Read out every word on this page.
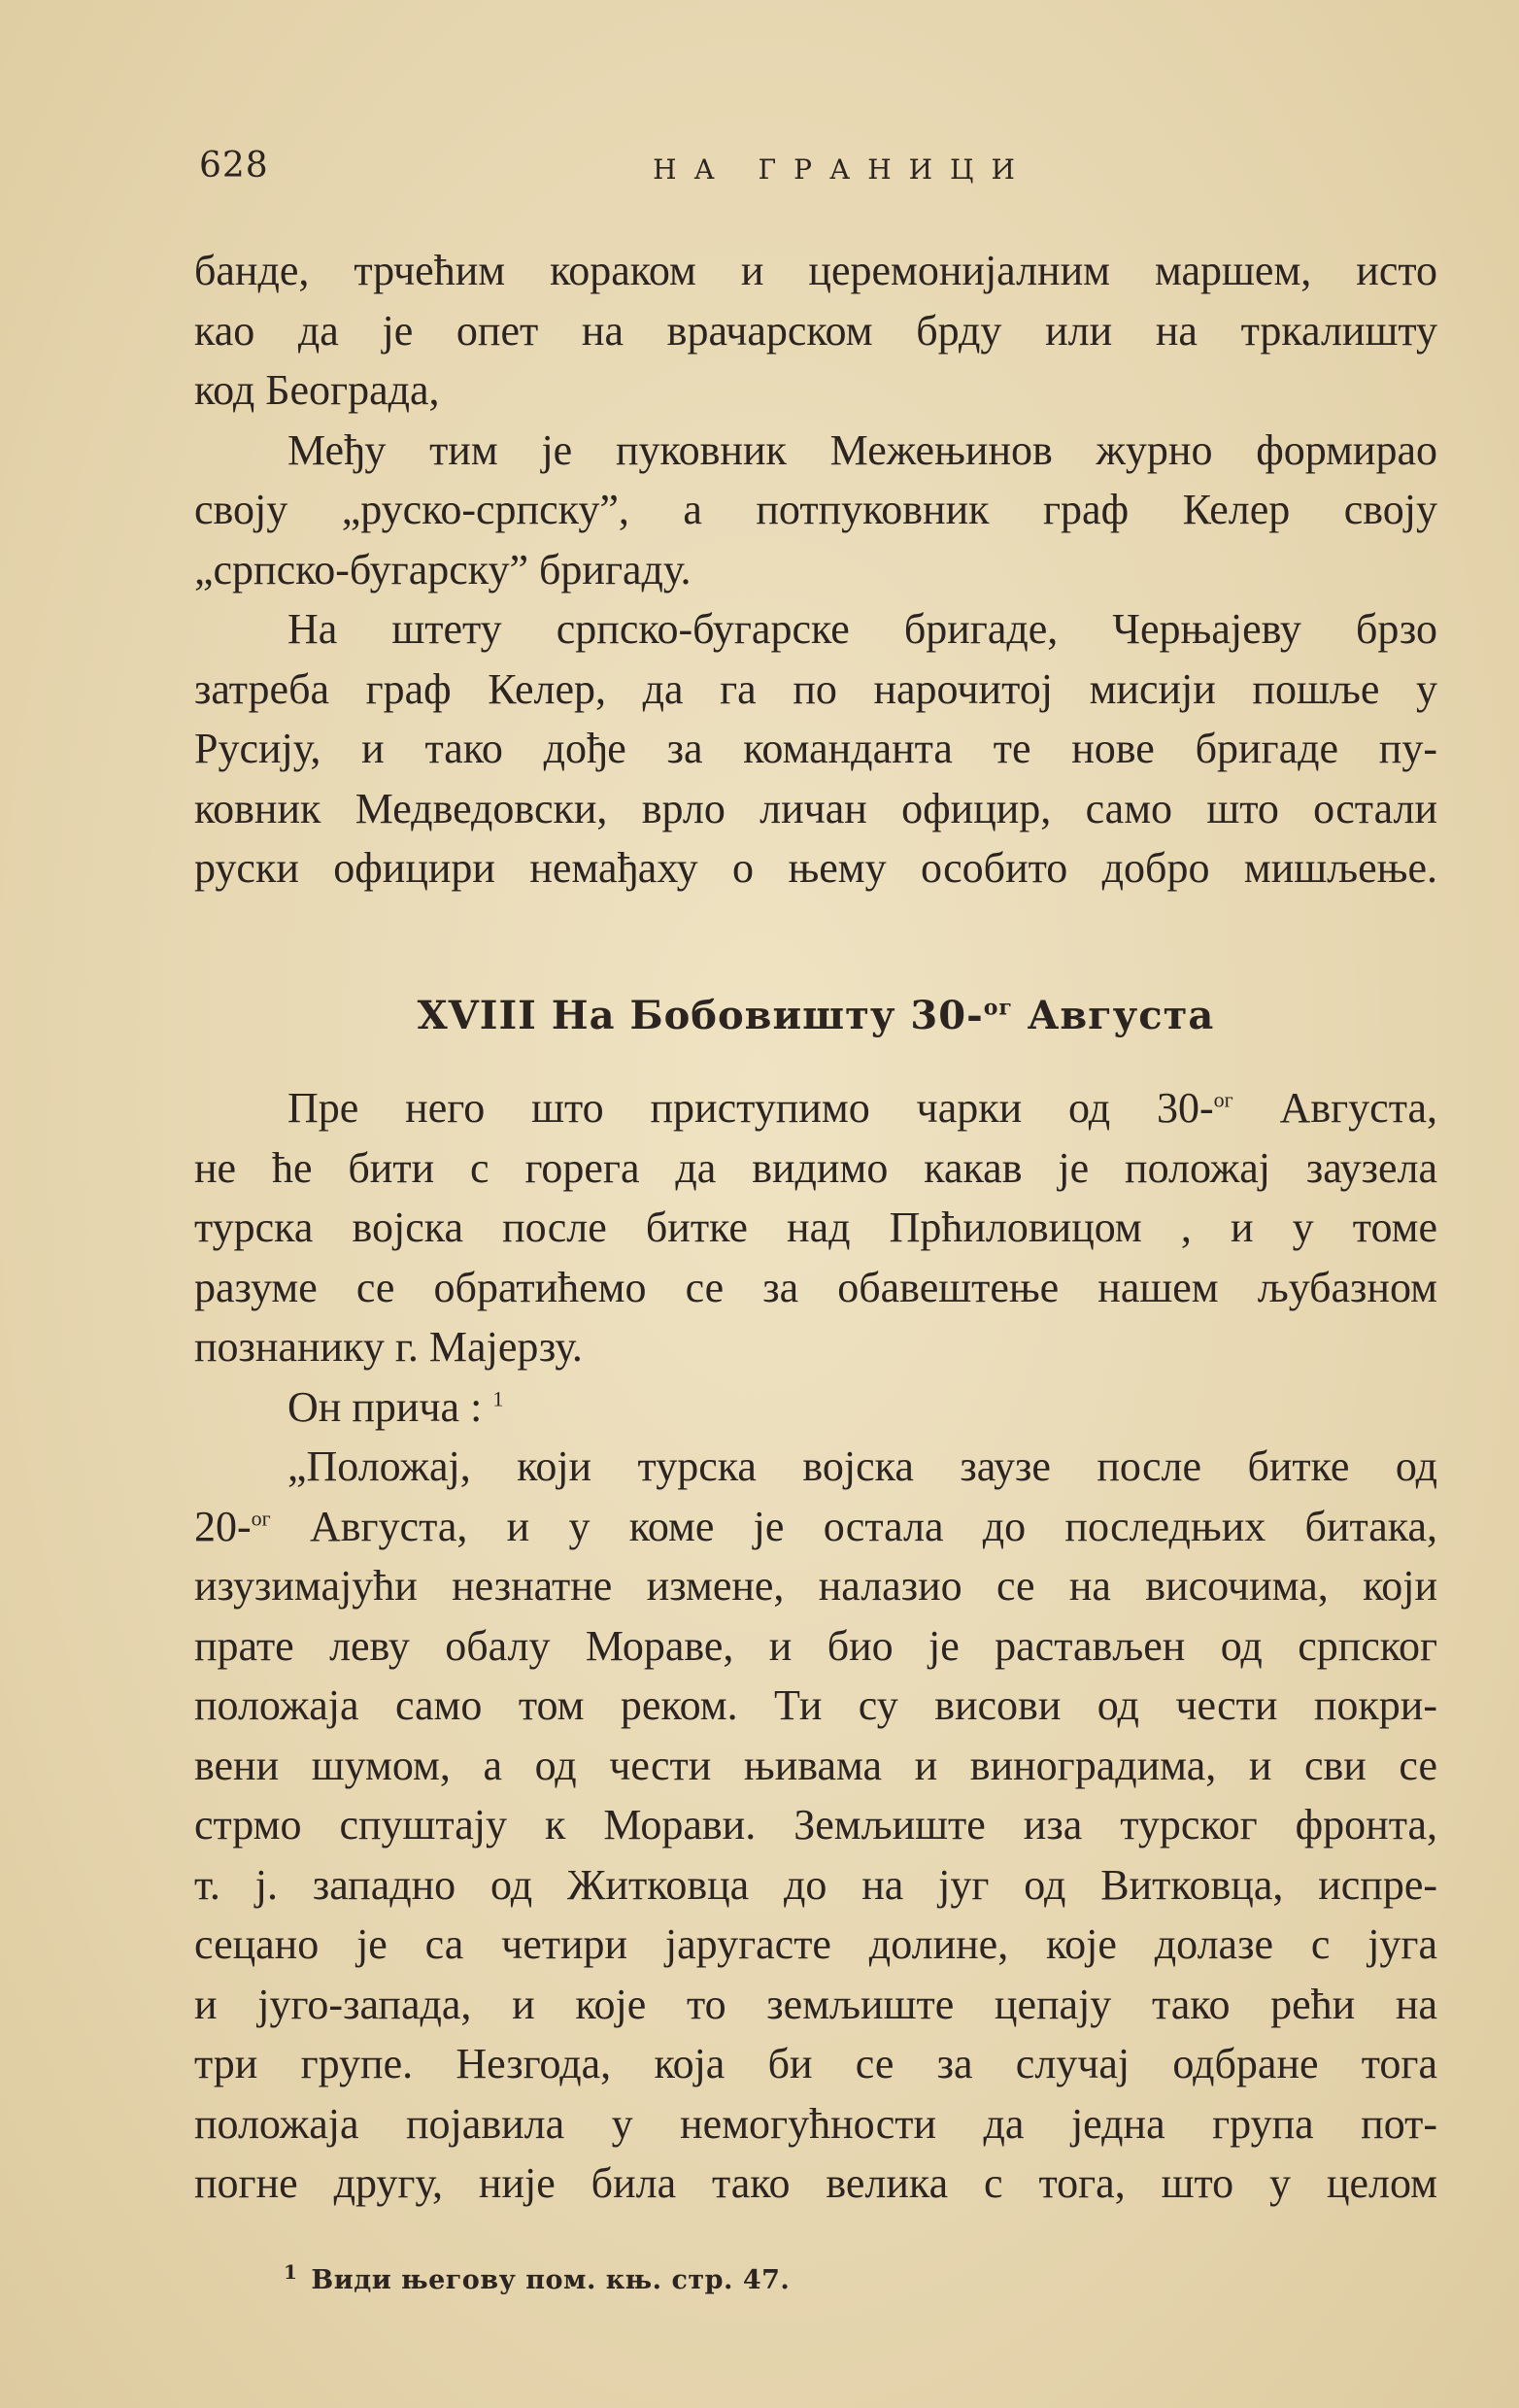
628	НА ГРАНИЦИ
банде, трчећим кораком и церемонијалним маршем, исто
као да је опет на врачарском брду или на тркалишту
код Београда,
Међу тим је пуковник Межењинов журно формирао
своју „руско-српску”, а потпуковник граф Келер своју
„српско-бугарску” бригаду.
На штету српско-бугарске бригаде, Черњајеву брзо
затреба граф Келер, да га по нарочитој мисији пошље у
Русију, и тако дође за команданта те нове бригаде пу-
ковник Медведовски, врло личан официр, само што остали
руски официри немађаху о њему особито добро мишљење.
XVIII На Бобовишту 30-$^{ог}$ Августа
Пре него што приступимо чарки од 30-$^{ог}$ Августа,
не ће бити с горега да видимо какав је положај заузела
турска војска после битке над Прћиловицом , и у томе
разуме се обратићемо се за обавештење нашем љубазном
познанику г. Мајерзу.
Он прича : $^1$
„Положај, који турска војска заузе после битке од
20-$^{ог}$ Августа, и у коме је остала до последњих битака,
изузимајући незнатне измене, налазио се на височима, који
прате леву обалу Мораве, и био је растављен од српског
положаја само том реком. Ти су висови од чести покри-
вени шумом, а од чести њивама и виноградима, и сви се
стрмо спуштају к Морави. Земљиште иза турског фронта,
т. ј. западно од Житковца до на југ од Витковца, испре-
сецано је са четири јаругасте долине, које долазе с југа
и југо-запада, и које то земљиште цепају тако рећи на
три групе. Незгода, која би се за случај одбране тога
положаја појавила у немогућности да једна група пот-
погне другу, није била тако велика с тога, што у целом
$^1$ Види његову пом. књ. стр. 47.
